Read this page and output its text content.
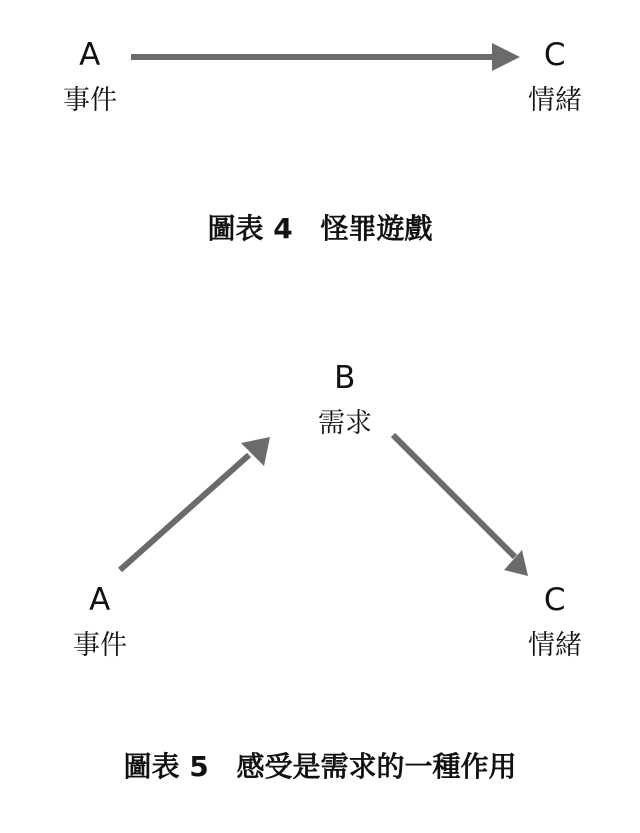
A
事件
C
情緒
圖表 4 怪罪遊戲
B
需求
A
事件
C
情緒
圖表 5 感受是需求的一種作用
